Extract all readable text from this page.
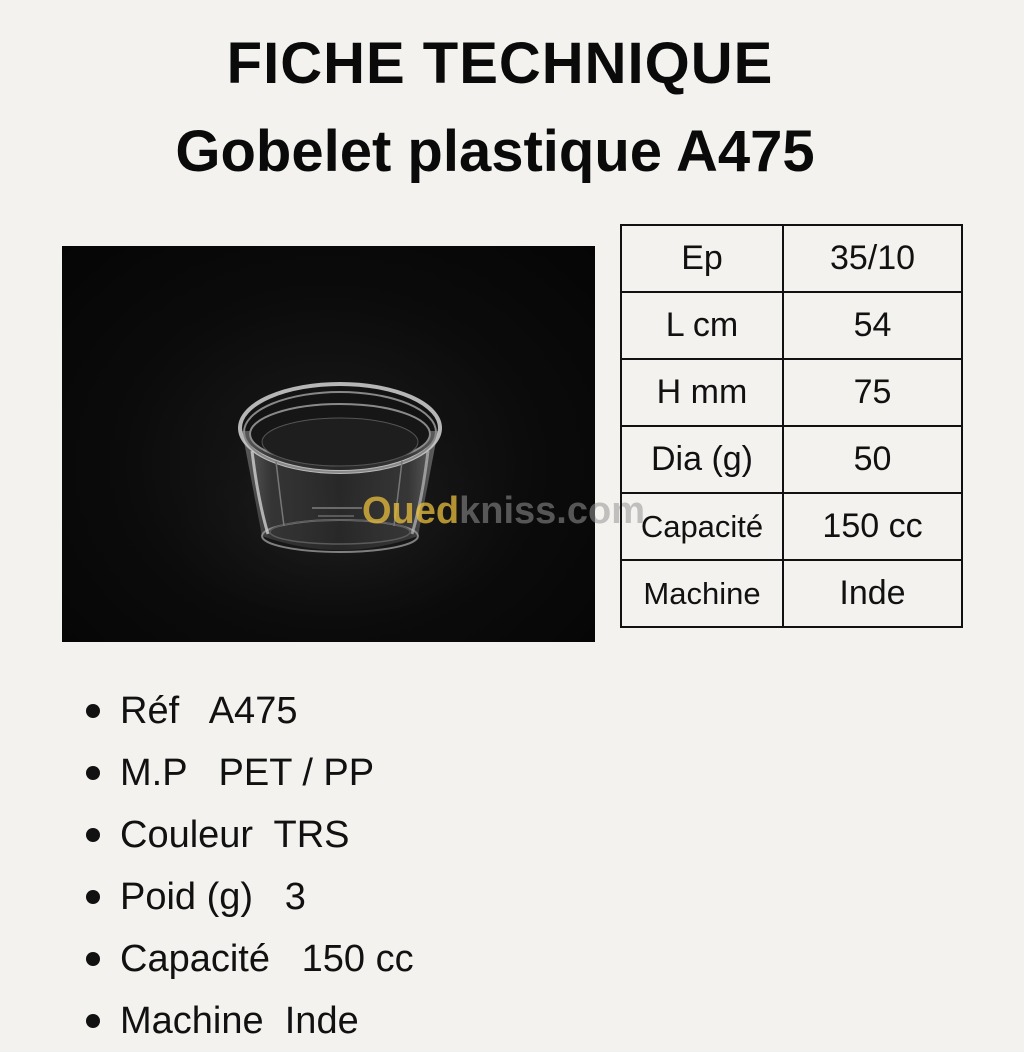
FICHE TECHNIQUE
Gobelet plastique A475
Ouedkniss.com
Ep	35/10
L cm	54
H mm	75
Dia (g)	50
Capacité	150 cc
Machine	Inde
Réf   A475
M.P   PET / PP
Couleur  TRS
Poid (g)   3
Capacité   150 cc
Machine  Inde
